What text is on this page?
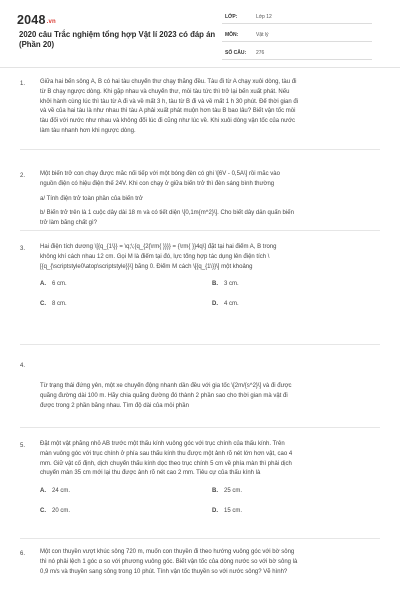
2048.vn
2020 câu Trắc nghiệm tổng hợp Vật lí 2023 có đáp án
(Phần 20)
LỚP:	Lớp 12
MÔN:	Vật lý
SỐ CÂU: 276
1. Giữa hai bến sông A, B có hai tàu chuyển thư chạy thẳng đều. Tàu đi từ A chạy xuôi dòng, tàu đi
từ B chạy ngược dòng. Khi gặp nhau và chuyển thư, mỗi tàu tức thì trở lại bến xuất phát. Nếu
khởi hành cùng lúc thì tàu từ A đi và về mất 3 h, tàu từ B đi và về mất 1 h 30 phút. Để thời gian đi
và về của hai tàu là như nhau thì tàu A phải xuất phát muộn hơn tàu B bao lâu? Biết vận tốc mỗi
tàu đối với nước như nhau và không đổi lúc đi cũng như lúc về. Khi xuôi dòng vận tốc của nước
làm tàu nhanh hơn khi ngược dòng.
2. Một biến trở con chạy được mắc nối tiếp với một bóng đèn có ghi \[6V - 0,5A\] rồi mắc vào
nguồn điện có hiệu điện thế 24V. Khi con chạy ở giữa biến trở thì đèn sáng bình thường
a/ Tính điện trở toàn phần của biến trở
b/ Biến trở trên là 1 cuộc dây dài 18 m và có tiết diện \[0,1m{m^2}\]. Cho biết dây dẫn quấn biến
trở làm bằng chất gì?
3. Hai điện tích dương \[{q_{1\}} = \q;\;{q_{2{\rm{ }}}} = {\rm{ }}4q\] đặt tại hai điểm A, B trong
không khí cách nhau 12 cm. Gọi M là điểm tại đó, lực tổng hợp tác dụng lên điện tích \
[{q_{\scriptstyle0\atop\scriptstyle}}\] bằng 0. Điểm M cách \[{q_{1\}}\] một khoảng
A. 6 cm.	B. 3 cm.
C. 8 cm.	D. 4 cm.
4.
Từ trạng thái đứng yên, một xe chuyển động nhanh dần đều với gia tốc \[2m/{s^2}\] và đi được
quãng đường dài 100 m. Hãy chia quãng đường đó thành 2 phần sao cho thời gian mà vật đi
được trong 2 phần bằng nhau. Tìm độ dài của mỗi phần
5. Đặt một vật phẳng nhỏ AB trước một thấu kính vuông góc với trục chính của thấu kính. Trên
màn vuông góc với trục chính ở phía sau thấu kính thu được một ảnh rõ nét lớn hơn vật, cao 4
mm. Giữ vật cố định, dịch chuyển thấu kính dọc theo trục chính 5 cm về phía màn thì phải dịch
chuyển màn 35 cm mới lại thu được ảnh rõ nét cao 2 mm. Tiêu cự của thấu kính là
A. 24 cm.	B. 25 cm.
C. 20 cm.	D. 15 cm.
6. Một con thuyền vượt khúc sông 720 m, muốn con thuyền đi theo hướng vuông góc với bờ sông
thì nó phải lệch 1 góc α so với phương vuông góc. Biết vận tốc của dòng nước so với bờ sông là
0,9 m/s và thuyền sang sông trong 10 phút. Tính vận tốc thuyền so với nước sông? Vẽ hình?
